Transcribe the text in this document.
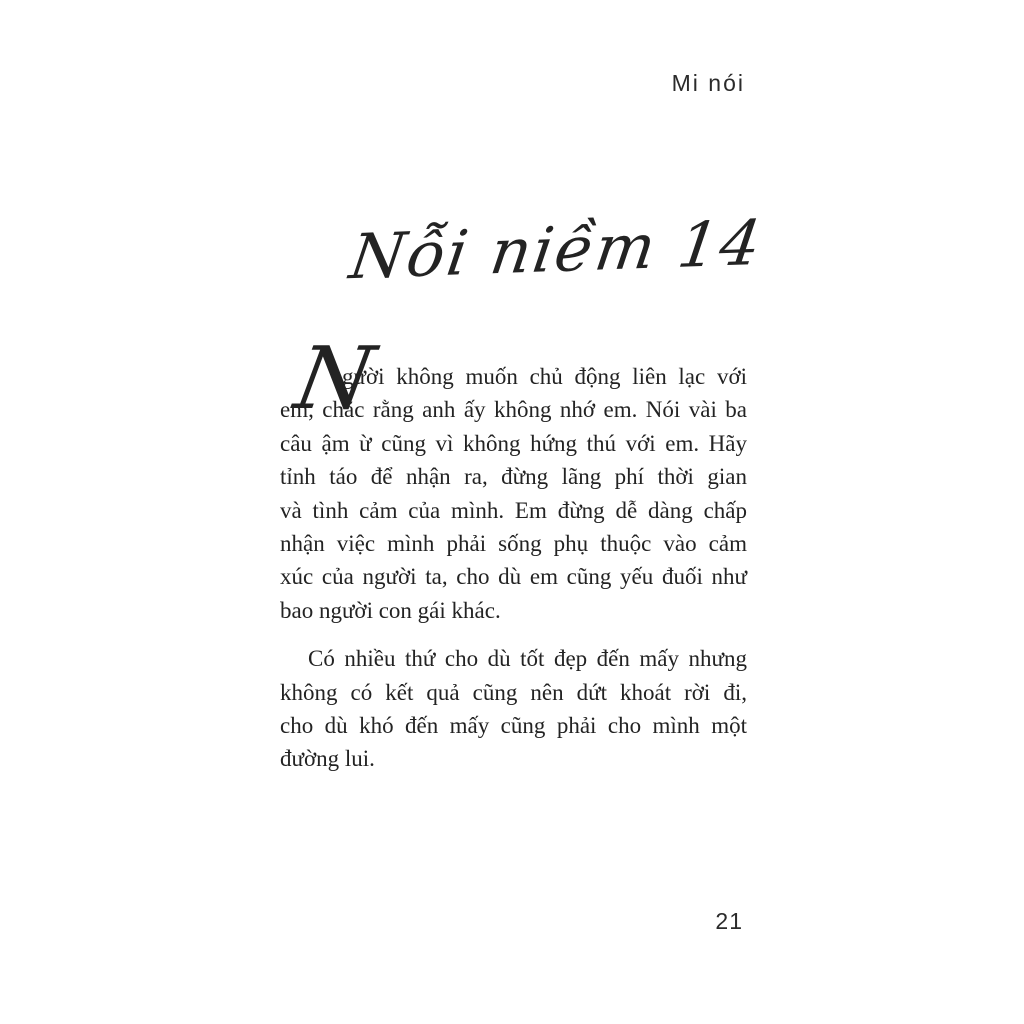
Mi nói
Nỗi niềm 14
N
gười không muốn chủ động liên lạc với
em, chắc rằng anh ấy không nhớ em. Nói vài ba
câu ậm ừ cũng vì không hứng thú với em. Hãy
tỉnh táo để nhận ra, đừng lãng phí thời gian
và tình cảm của mình. Em đừng dễ dàng chấp
nhận việc mình phải sống phụ thuộc vào cảm
xúc của người ta, cho dù em cũng yếu đuối như
bao người con gái khác.
Có nhiều thứ cho dù tốt đẹp đến mấy nhưng
không có kết quả cũng nên dứt khoát rời đi,
cho dù khó đến mấy cũng phải cho mình một
đường lui.
21
